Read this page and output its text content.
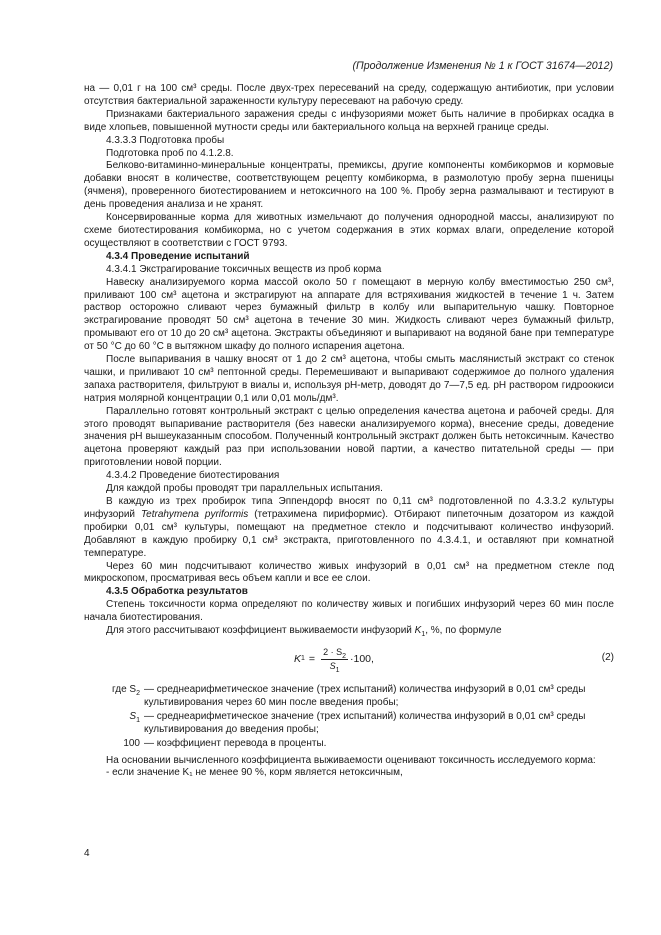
(Продолжение Изменения № 1 к ГОСТ 31674—2012)

на — 0,01 г на 100 см³ среды. После двух-трех пересеваний на среду, содержащую антибиотик, при условии отсутствия бактериальной зараженности культуру пересевают на рабочую среду.

Признаками бактериального заражения среды с инфузориями может быть наличие в пробирках осадка в виде хлопьев, повышенной мутности среды или бактериального кольца на верхней границе среды.

4.3.3.3 Подготовка пробы

Подготовка проб по 4.1.2.8.

Белково-витаминно-минеральные концентраты, премиксы, другие компоненты комбикормов и кормовые добавки вносят в количестве, соответствующем рецепту комбикорма, в размолотую пробу зерна пшеницы (ячменя), проверенного биотестированием и нетоксичного на 100 %. Пробу зерна размалывают и тестируют в день проведения анализа и не хранят.

Консервированные корма для животных измельчают до получения однородной массы, анализируют по схеме биотестирования комбикорма, но с учетом содержания в этих кормах влаги, определение которой осуществляют в соответствии с ГОСТ 9793.

4.3.4 Проведение испытаний

4.3.4.1 Экстрагирование токсичных веществ из проб корма

Навеску анализируемого корма массой около 50 г помещают в мерную колбу вместимостью 250 см³, приливают 100 см³ ацетона и экстрагируют на аппарате для встряхивания жидкостей в течение 1 ч. Затем раствор осторожно сливают через бумажный фильтр в колбу или выпарительную чашку. Повторное экстрагирование проводят 50 см³ ацетона в течение 30 мин. Жидкость сливают через бумажный фильтр, промывают его от 10 до 20 см³ ацетона. Экстракты объединяют и выпаривают на водяной бане при температуре от 50 °С до 60 °С в вытяжном шкафу до полного испарения ацетона.

После выпаривания в чашку вносят от 1 до 2 см³ ацетона, чтобы смыть маслянистый экстракт со стенок чашки, и приливают 10 см³ пептонной среды. Перемешивают и выпаривают содержимое до полного удаления запаха растворителя, фильтруют в виалы и, используя рН-метр, доводят до 7—7,5 ед. рН раствором гидроокиси натрия молярной концентрации 0,1 или 0,01 моль/дм³.

Параллельно готовят контрольный экстракт с целью определения качества ацетона и рабочей среды. Для этого проводят выпаривание растворителя (без навески анализируемого корма), внесение среды, доведение значения рН вышеуказанным способом. Полученный контрольный экстракт должен быть нетоксичным. Качество ацетона проверяют каждый раз при использовании новой партии, а качество питательной среды — при приготовлении новой порции.

4.3.4.2 Проведение биотестирования

Для каждой пробы проводят три параллельных испытания.

В каждую из трех пробирок типа Эппендорф вносят по 0,11 см³ подготовленной по 4.3.3.2 культуры инфузорий Tetrahymena pyriformis (тетрахимена пириформис). Отбирают пипеточным дозатором из каждой пробирки 0,01 см³ культуры, помещают на предметное стекло и подсчитывают количество инфузорий. Добавляют в каждую пробирку 0,1 см³ экстракта, приготовленного по 4.3.4.1, и оставляют при комнатной температуре.

Через 60 мин подсчитывают количество живых инфузорий в 0,01 см³ на предметном стекле под микроскопом, просматривая весь объем капли и все ее слои.

4.3.5 Обработка результатов

Степень токсичности корма определяют по количеству живых и погибших инфузорий через 60 мин после начала биотестирования.

Для этого рассчитывают коэффициент выживаемости инфузорий $K_1$, %, по формуле

K $1 = \frac{2 \cdot S_2}{S_1} \cdot 100$,	(2)
где $S_2$ — среднеарифметическое значение (трех испытаний) количества инфузорий в 0,01 см³ среды культивирования через 60 мин после введения пробы;
$S_1$ — среднеарифметическое значение (трех испытаний) количества инфузорий в 0,01 см³ среды культивирования до введения пробы;
100 — коэффициент перевода в проценты.

На основании вычисленного коэффициента выживаемости оценивают токсичность исследуемого корма:

- если значение K₁ не менее 90 %, корм является нетоксичным,

4
